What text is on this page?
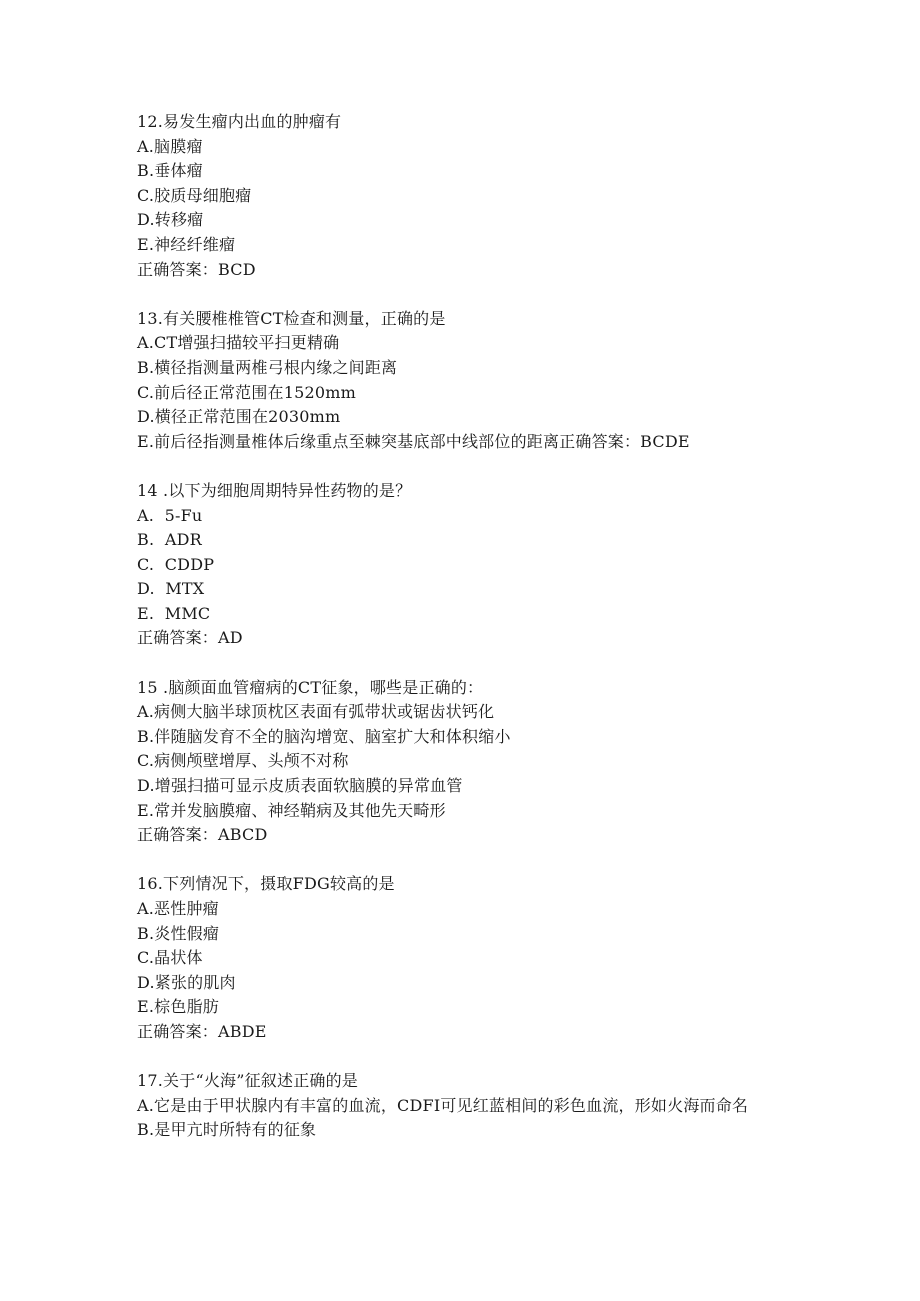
12.易发生瘤内出血的肿瘤有
A.脑膜瘤
B.垂体瘤
C.胶质母细胞瘤
D.转移瘤
E.神经纤维瘤
正确答案：BCD
13.有关腰椎椎管CT检查和测量，正确的是
A.CT增强扫描较平扫更精确
B.横径指测量两椎弓根内缘之间距离
C.前后径正常范围在1520mm
D.横径正常范围在2030mm
E.前后径指测量椎体后缘重点至棘突基底部中线部位的距离正确答案：BCDE
14 .以下为细胞周期特异性药物的是？
A.  5-Fu
B.  ADR
C.  CDDP
D.  MTX
E.  MMC
正确答案：AD
15 .脑颜面血管瘤病的CT征象，哪些是正确的：
A.病侧大脑半球顶枕区表面有弧带状或锯齿状钙化
B.伴随脑发育不全的脑沟增宽、脑室扩大和体积缩小
C.病侧颅壁增厚、头颅不对称
D.增强扫描可显示皮质表面软脑膜的异常血管
E.常并发脑膜瘤、神经鞘病及其他先天畸形
正确答案：ABCD
16.下列情况下，摄取FDG较高的是
A.恶性肿瘤
B.炎性假瘤
C.晶状体
D.紧张的肌肉
E.棕色脂肪
正确答案：ABDE
17.关于“火海”征叙述正确的是
A.它是由于甲状腺内有丰富的血流，CDFI可见红蓝相间的彩色血流，形如火海而命名
B.是甲亢时所特有的征象
